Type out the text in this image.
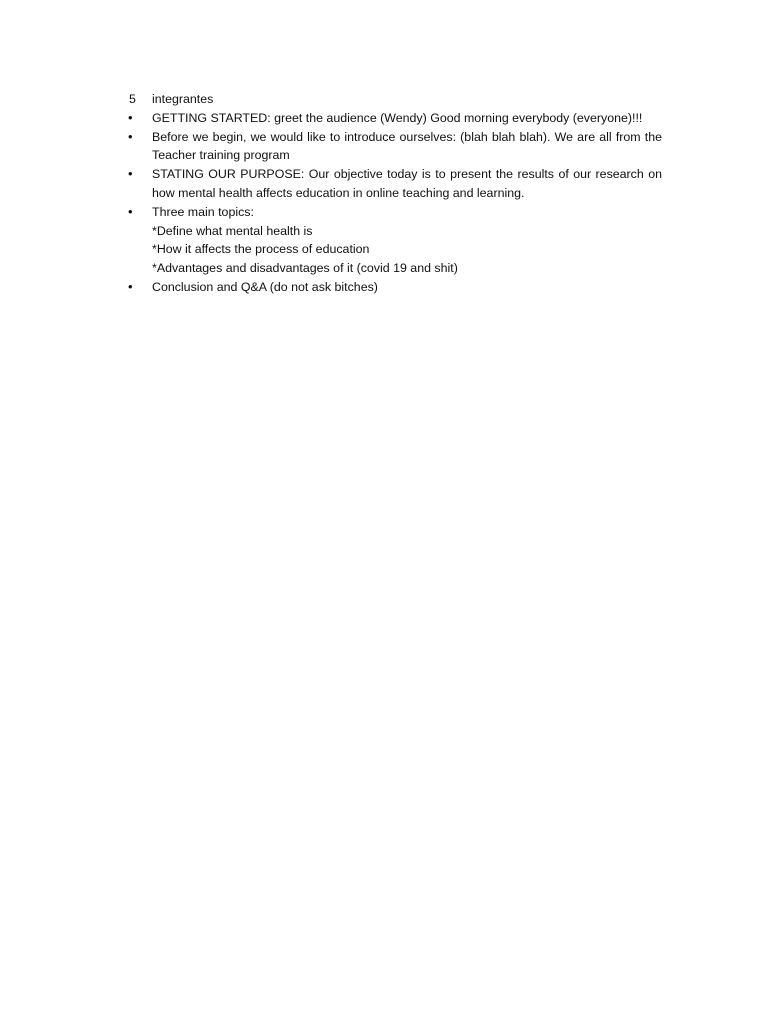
5	integrantes
•	GETTING STARTED: greet the audience (Wendy) Good morning everybody (everyone)!!!
•	Before we begin, we would like to introduce ourselves: (blah blah blah). We are all from the Teacher training program
•	STATING OUR PURPOSE: Our objective today is to present the results of our research on how mental health affects education in online teaching and learning.
•	Three main topics:
*Define what mental health is
*How it affects the process of education
*Advantages and disadvantages of it (covid 19 and shit)
•	Conclusion and Q&A (do not ask bitches)
